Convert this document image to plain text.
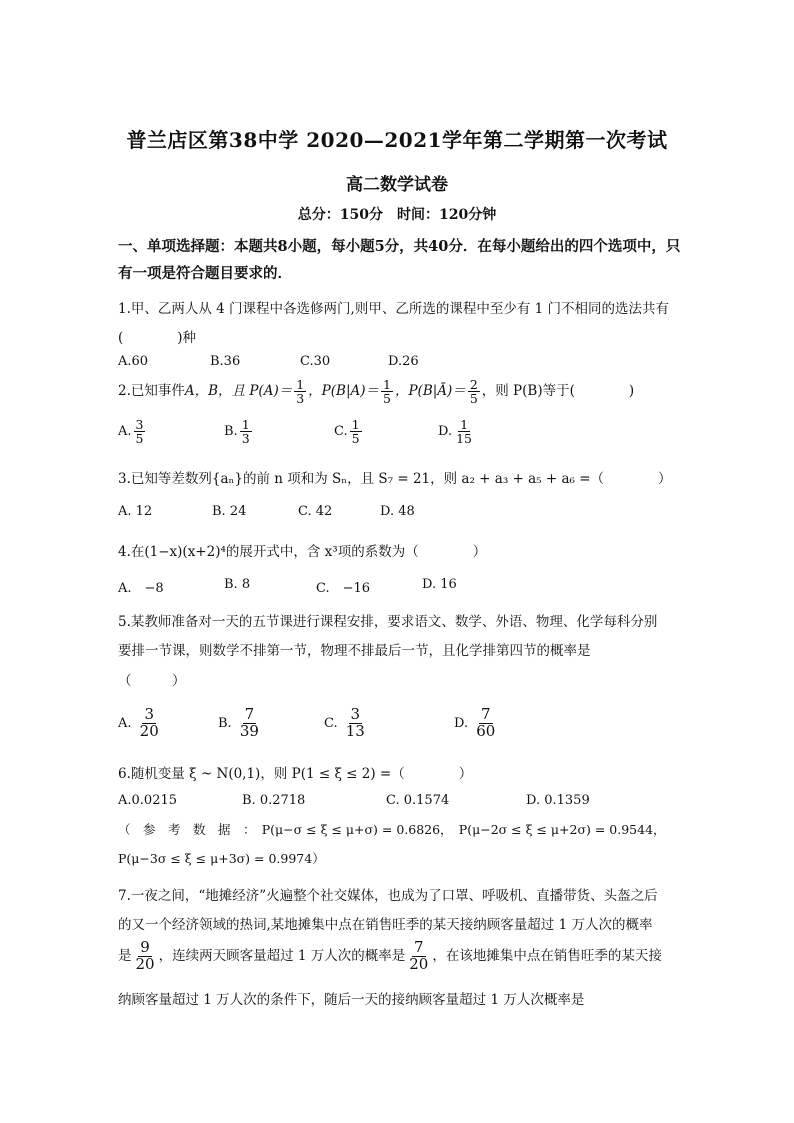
普兰店区第38中学 2020—2021学年第二学期第一次考试
高二数学试卷
总分：150分　时间：120分钟
一、单项选择题：本题共8小题，每小题5分，共40分．在每小题给出的四个选项中，只
有一项是符合题目要求的．
1.甲、乙两人从 4 门课程中各选修两门,则甲、乙所选的课程中至少有 1 门不相同的选法共有
(　　　　)种
A.60	B.36	C.30	D.26
2.已知事件A，B，且 $P(A)= \frac{1}{3}$ ，$P(B|A)= \frac{1}{5}$ ，P(B|Ā)＝ $\frac{2}{5}$ ，则 P(B)等于(　　　　)
A. $\frac{3}{5}$	B. $\frac{1}{3}$	C. $\frac{1}{5}$	D. $\frac{1}{15}$
3.已知等差数列{aₙ}的前 n 项和为 Sₙ，且 S₇ = 21，则 a₂ + a₃ + a₅ + a₆ =（　　　　）
A. 12	B. 24	C. 42	D. 48
4.在(1−x)(x+2)⁴的展开式中，含 x³项的系数为（　　　　）
A.　−8	B. 8	C.　−16	D. 16
5.某教师准备对一天的五节课进行课程安排，要求语文、数学、外语、物理、化学每科分别
要排一节课，则数学不排第一节，物理不排最后一节，且化学排第四节的概率是
（　　　）
A. $\frac{3}{20}$	B. $\frac{7}{39}$	C. $\frac{3}{13}$	D. $\frac{7}{60}$
6.随机变量 ξ ~ N(0,1)，则 P(1 ≤ ξ ≤ 2) =（　　　　）
A.0.0215	B. 0.2718	C. 0.1574	D. 0.1359
（　参　考　数　据　：　P(μ−σ ≤ ξ ≤ μ+σ) = 0.6826，　P(μ−2σ ≤ ξ ≤ μ+2σ) = 0.9544，
P(μ−3σ ≤ ξ ≤ μ+3σ) = 0.9974）
7.一夜之间，“地摊经济”火遍整个社交媒体，也成为了口罩、呼吸机、直播带货、头盔之后
的又一个经济领域的热词,某地摊集中点在销售旺季的某天接纳顾客量超过 1 万人次的概率
是 $\frac{9}{20}$ ，连续两天顾客量超过 1 万人次的概率是 $\frac{7}{20}$ ，在该地摊集中点在销售旺季的某天接
纳顾客量超过 1 万人次的条件下，随后一天的接纳顾客量超过 1 万人次概率是
